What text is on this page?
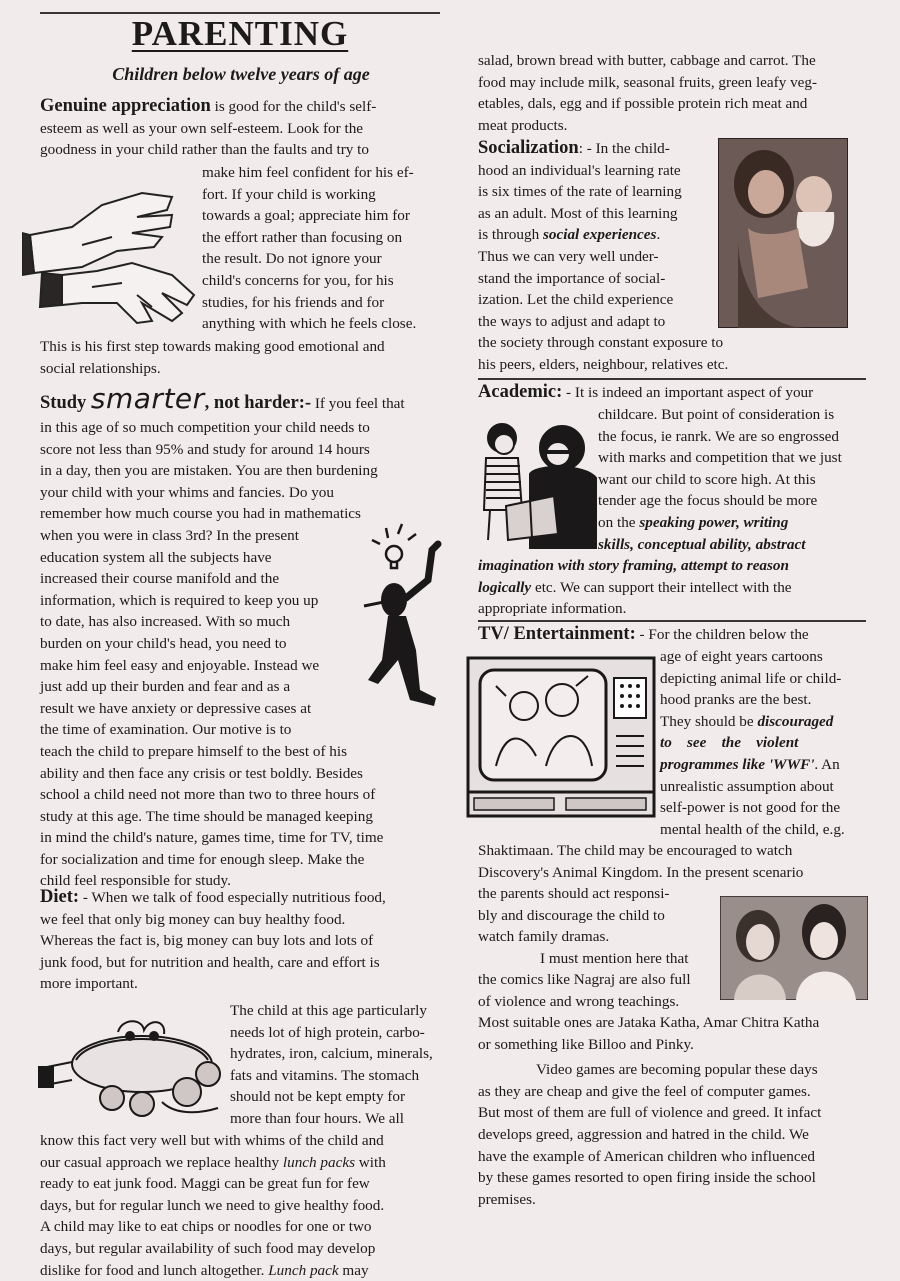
PARENTING
Children below twelve years of age

Genuine appreciation is good for the child's self-

esteem as well as your own self-esteem. Look for the

goodness in your child rather than the faults and try to

make him feel confident for his ef-

fort. If your child is working

towards a goal; appreciate him for

the effort rather than focusing on

the result. Do not ignore your

child's concerns for you, for his

studies, for his friends and for

anything with which he feels close.

This is his first step towards making good emotional and

social relationships.

Study smarter, not harder:- If you feel that

in this age of so much competition your child needs to

score not less than 95% and study for around 14 hours

in a day, then you are mistaken. You are then burdening

your child with your whims and fancies. Do you

remember how much course you had in mathematics

when you were in class 3rd? In the present

education system all the subjects have

increased their course manifold and the

information, which is required to keep you up

to date, has also increased. With so much

burden on your child's head, you need to

make him feel easy and enjoyable. Instead we

just add up their burden and fear and as a

result we have anxiety or depressive cases at

the time of examination. Our motive is to

teach the child to prepare himself to the best of his

ability and then face any crisis or test boldly. Besides

school a child need not more than two to three hours of

study at this age. The time should be managed keeping

in mind the child's nature, games time, time for TV, time

for socialization and time for enough sleep. Make the

child feel responsible for study.

Diet: - When we talk of food especially nutritious food,

we feel that only big money can buy healthy food.

Whereas the fact is, big money can buy lots and lots of

junk food, but for nutrition and health, care and effort is

more important.

The child at this age particularly

needs lot of high protein, carbo-

hydrates, iron, calcium, minerals,

fats and vitamins. The stomach

should not be kept empty for

more than four hours. We all

know this fact very well but with whims of the child and

our casual approach we replace healthy lunch packs with

ready to eat junk food. Maggi can be great fun for few

days, but for regular lunch we need to give healthy food.

A child may like to eat chips or noodles for one or two

days, but regular availability of such food may develop

dislike for food and lunch altogether. Lunch pack may

salad, brown bread with butter, cabbage and carrot. The

food may include milk, seasonal fruits, green leafy veg-

etables, dals, egg and if possible protein rich meat and

meat products.

Socialization: - In the child-

hood an individual's learning rate

is six times of the rate of learning

as an adult. Most of this learning

is through social experiences.

Thus we can very well under-

stand the importance of social-

ization. Let the child experience

the ways to adjust and adapt to

the society through constant exposure to

his peers, elders, neighbour, relatives etc.

Academic: - It is indeed an important aspect of your

childcare. But point of consideration is

the focus, ie ranrk. We are so engrossed

with marks and competition that we just

want our child to score high. At this

tender age the focus should be more

on the speaking power, writing

skills, conceptual ability, abstract

imagination with story framing, attempt to reason

logically etc. We can support their intellect with the

appropriate information.

TV/ Entertainment: - For the children below the

age of eight years cartoons

depicting animal life or child-

hood pranks are the best.

They should be discouraged

to    see    the    violent

programmes like 'WWF'. An

unrealistic assumption about

self-power is not good for the

mental health of the child, e.g.

Shaktimaan. The child may be encouraged to watch

Discovery's Animal Kingdom. In the present scenario

the parents should act responsi-

bly and discourage the child to

watch family dramas.

I must mention here that

the comics like Nagraj are also full

of violence and wrong teachings.

Most suitable ones are Jataka Katha, Amar Chitra Katha

or something like Billoo and Pinky.

Video games are becoming popular these days

as they are cheap and give the feel of computer games.

But most of them are full of violence and greed. It infact

develops greed, aggression and hatred in the child. We

have the example of American children who influenced

by these games resorted to open firing inside the school

premises.
